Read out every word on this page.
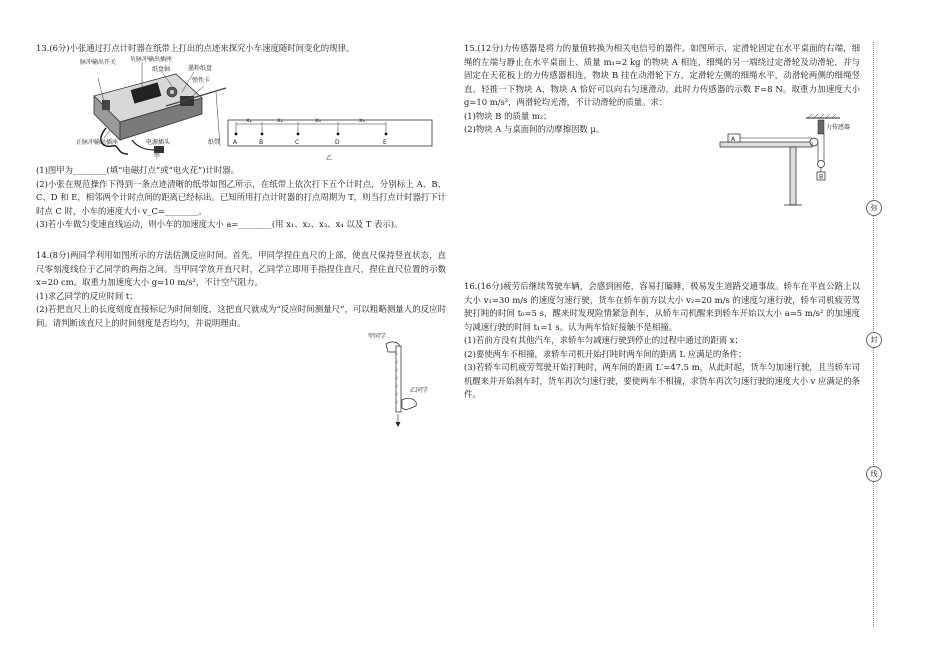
13.(6分)小张通过打点计时器在纸带上打出的点迹来探究小车速度随时间变化的规律。

脉冲输出开关 负脉冲输出插座
纸盘轴	墨粉纸盘
弹性卡
正脉冲输出插座	电源插头	纸带
甲
x₁	x₂	x₃	x₄
A	B	C	D	E
乙

(1)图甲为________(填“电磁打点”或“电火花”)计时器。

(2)小张在规范操作下得到一条点迹清晰的纸带如图乙所示，在纸带上依次打下五个计时点，分别标上 A、B、C、D 和 E，相邻两个计时点间的距离已经标出。已知所用打点计时器的打点周期为 T，则当打点计时器打下计时点 C 时，小车的速度大小 v_C=________。

(3)若小车做匀变速直线运动，则小车的加速度大小 a=________(用 x₁、x₂、x₃、x₄ 以及 T 表示)。

14.(8分)两同学利用如图所示的方法估测反应时间。首先，甲同学捏住直尺的上部，使直尺保持竖直状态，直尺零刻度线位于乙同学的两指之间。当甲同学放开直尺时，乙同学立即用手指捏住直尺，捏住直尺位置的示数 x=20 cm。取重力加速度大小 g=10 m/s²，不计空气阻力。

(1)求乙同学的反应时间 t；

(2)若把直尺上的长度刻度直接标记为时间刻度，这把直尺就成为“反应时间测量尺”，可以粗略测量人的反应时间。请判断该直尺上的时间刻度是否均匀，并说明理由。

甲同学
乙同学

15.(12分)力传感器是将力的量值转换为相关电信号的器件。如图所示，定滑轮固定在水平桌面的右端，细绳的左端与静止在水平桌面上、质量 m₁=2 kg 的物块 A 相连，细绳的另一端绕过定滑轮及动滑轮，并与固定在天花板上的力传感器相连，物块 B 挂在动滑轮下方，定滑轮左侧的细绳水平，动滑轮两侧的细绳竖直。轻推一下物块 A，物块 A 恰好可以向右匀速滑动，此时力传感器的示数 F=8 N。取重力加速度大小 g=10 m/s²，两滑轮均光滑，不计动滑轮的质量。求：

(1)物块 B 的质量 m₂；

(2)物块 A 与桌面间的动摩擦因数 μ。	力传感器
A
B

16.(16分)疲劳后继续驾驶车辆，会感到困倦，容易打瞌睡，极易发生道路交通事故。轿车在平直公路上以大小 v₁=30 m/s 的速度匀速行驶，货车在轿车前方以大小 v₂=20 m/s 的速度匀速行驶，轿车司机疲劳驾驶打盹的时间 t₀=5 s，醒来时发现险情紧急刹车，从轿车司机醒来到轿车开始以大小 a=5 m/s² 的加速度匀减速行驶的时间 t₁=1 s。认为两车恰好接触不是相撞。

(1)若前方没有其他汽车，求轿车匀减速行驶到停止的过程中通过的距离 x；

(2)要使两车不相撞，求轿车司机开始打盹时两车间的距离 L 应满足的条件；

(3)若轿车司机疲劳驾驶开始打盹时，两车间的距离 L′=47.5 m，从此时起，货车匀加速行驶，且当轿车司机醒来并开始刹车时，货车再次匀速行驶，要使两车不相撞，求货车再次匀速行驶的速度大小 v 应满足的条件。

弥
封
线
